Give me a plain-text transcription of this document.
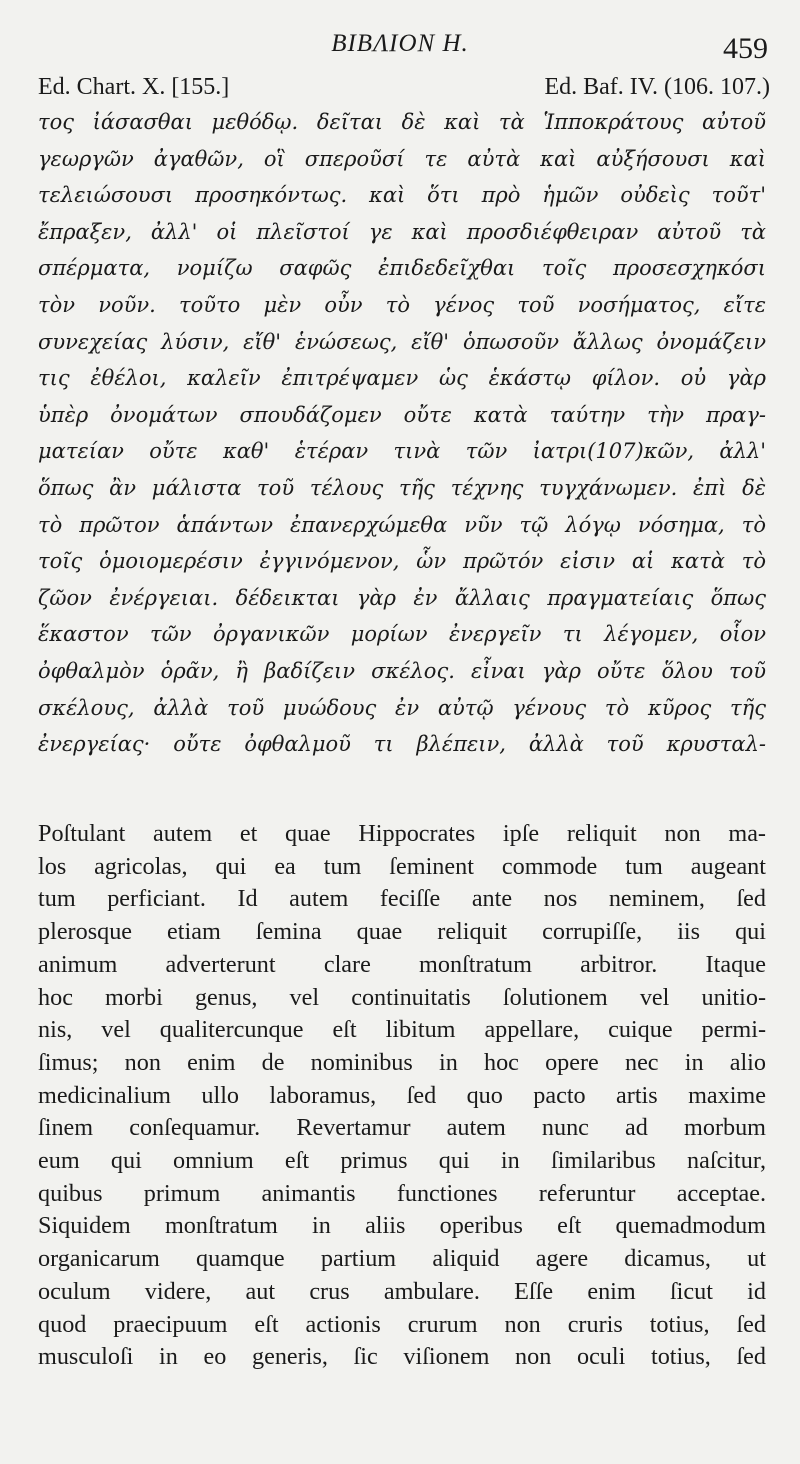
BIBΛΙΟΝ H.	459
Ed. Chart. X. [155.]	Ed. Baf. IV. (106. 107.)
τος ἰάσασθαι μεθόδῳ. δεῖται δὲ καὶ τὰ Ἱπποκράτους αὐτοῦ
γεωργῶν ἀγαθῶν, οἳ σπεροῦσί τε αὐτὰ καὶ αὐξήσουσι καὶ
τελειώσουσι προσηκόντως. καὶ ὅτι πρὸ ἡμῶν οὐδεὶς τοῦτ'
ἔπραξεν, ἀλλ' οἱ πλεῖστοί γε καὶ προσδιέφθειραν αὐτοῦ τὰ
σπέρματα, νομίζω σαφῶς ἐπιδεδεῖχθαι τοῖς προσεσχηκόσι
τὸν νοῦν. τοῦτο μὲν οὖν τὸ γένος τοῦ νοσήματος, εἴτε
συνεχείας λύσιν, εἴθ' ἑνώσεως, εἴθ' ὁπωσοῦν ἄλλως ὀνομάζειν
τις ἐθέλοι, καλεῖν ἐπιτρέψαμεν ὡς ἑκάστῳ φίλον. οὐ γὰρ
ὑπὲρ ὀνομάτων σπουδάζομεν οὔτε κατὰ ταύτην τὴν πραγ-
ματείαν οὔτε καθ' ἑτέραν τινὰ τῶν ἰατρι(107)κῶν, ἀλλ'
ὅπως ἂν μάλιστα τοῦ τέλους τῆς τέχνης τυγχάνωμεν. ἐπὶ δὲ
τὸ πρῶτον ἁπάντων ἐπανερχώμεθα νῦν τῷ λόγῳ νόσημα, τὸ
τοῖς ὁμοιομερέσιν ἐγγινόμενον, ὧν πρῶτόν εἰσιν αἱ κατὰ τὸ
ζῶον ἐνέργειαι. δέδεικται γὰρ ἐν ἄλλαις πραγματείαις ὅπως
ἕκαστον τῶν ὀργανικῶν μορίων ἐνεργεῖν τι λέγομεν, οἷον
ὀφθαλμὸν ὁρᾶν, ἢ βαδίζειν σκέλος. εἶναι γὰρ οὔτε ὅλου τοῦ
σκέλους, ἀλλὰ τοῦ μυώδους ἐν αὐτῷ γένους τὸ κῦρος τῆς
ἐνεργείας· οὔτε ὀφθαλμοῦ τι βλέπειν, ἀλλὰ τοῦ κρυσταλ-
Poſtulant autem et quae Hippocrates ipſe reliquit non ma-
los agricolas, qui ea tum ſeminent commode tum augeant
tum perficiant. Id autem feciſſe ante nos neminem, ſed
plerosque etiam ſemina quae reliquit corrupiſſe, iis qui
animum adverterunt clare monſtratum arbitror. Itaque
hoc morbi genus, vel continuitatis ſolutionem vel unitio-
nis, vel qualitercunque eſt libitum appellare, cuique permi-
ſimus; non enim de nominibus in hoc opere nec in alio
medicinalium ullo laboramus, ſed quo pacto artis maxime
ſinem conſequamur. Revertamur autem nunc ad morbum
eum qui omnium eſt primus qui in ſimilaribus naſcitur,
quibus primum animantis functiones referuntur acceptae.
Siquidem monſtratum in aliis operibus eſt quemadmodum
organicarum quamque partium aliquid agere dicamus, ut
oculum videre, aut crus ambulare. Eſſe enim ſicut id
quod praecipuum eſt actionis crurum non cruris totius, ſed
musculoſi in eo generis, ſic viſionem non oculi totius, ſed
